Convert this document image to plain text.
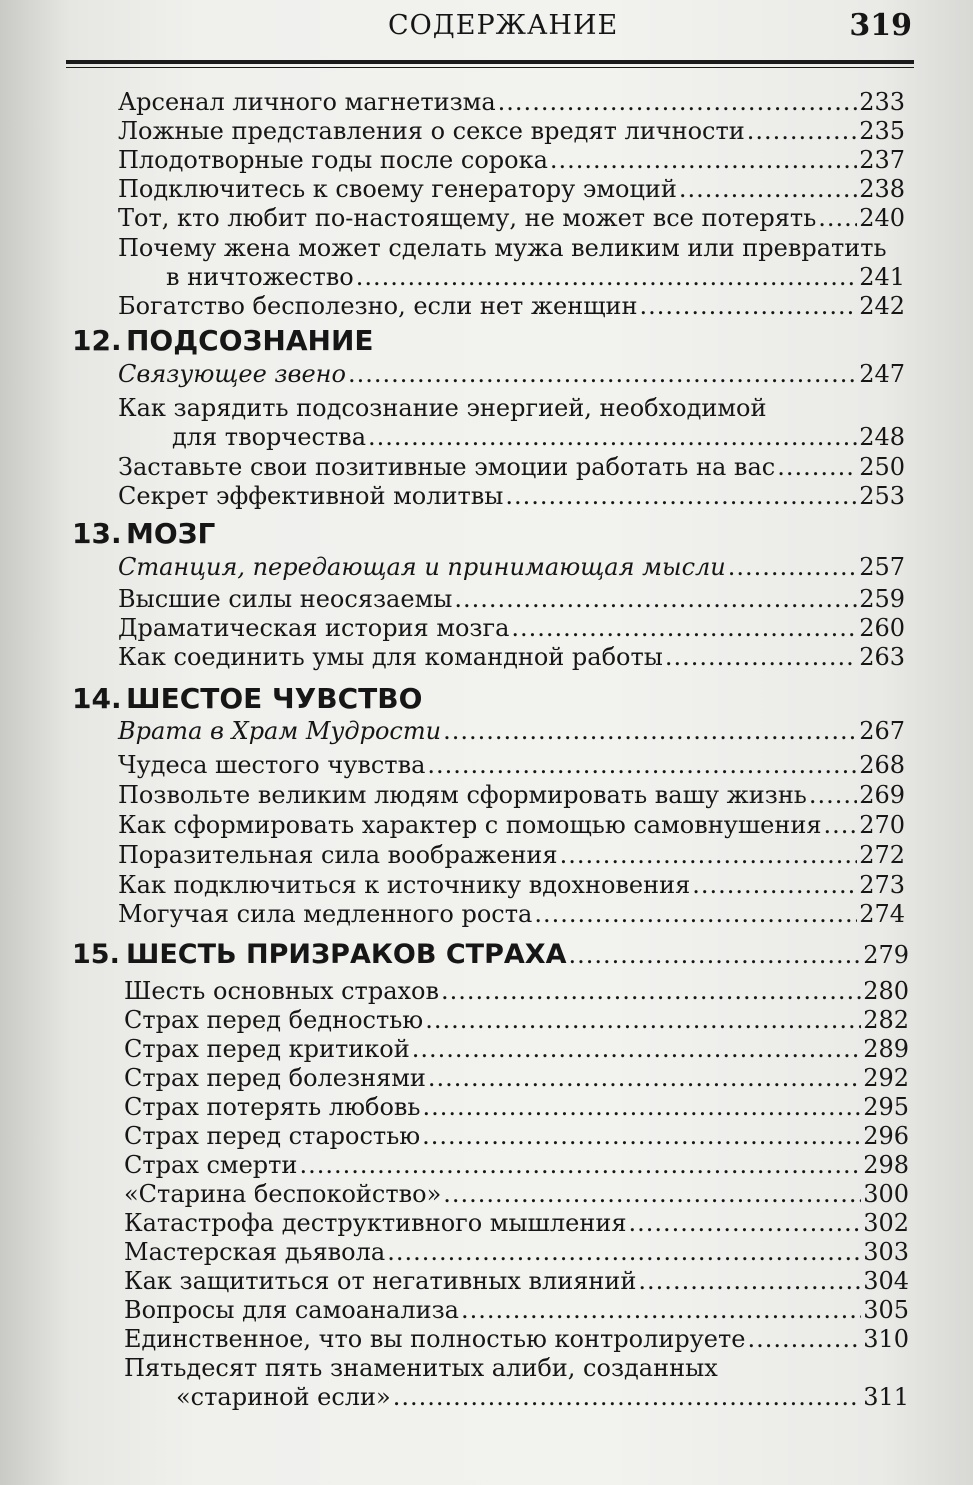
СОДЕРЖАНИЕ	319
Арсенал личного магнетизма .....	233
Ложные представления о сексе вредят личности .....	235
Плодотворные годы после сорока .....	237
Подключитесь к своему генератору эмоций .....	238
Тот, кто любит по-настоящему, не может все потерять ..... 240
Почему жена может сделать мужа великим или превратить
в ничтожество .....	241
Богатство бесполезно, если нет женщин .....	242
12. ПОДСОЗНАНИЕ
Связующее звено .....	247
Как зарядить подсознание энергией, необходимой
для творчества .....	248
Заставьте свои позитивные эмоции работать на вас .....	250
Секрет эффективной молитвы .....	253
13. МОЗГ
Станция, передающая и принимающая мысли .....	257
Высшие силы неосязаемы .....	259
Драматическая история мозга .....	260
Как соединить умы для командной работы .....	263
14. ШЕСТОЕ ЧУВСТВО
Врата в Храм Мудрости .....	267
Чудеса шестого чувства .....	268
Позвольте великим людям сформировать вашу жизнь ..... 269
Как сформировать характер с помощью самовнушения ..... 270
Поразительная сила воображения .....	272
Как подключиться к источнику вдохновения .....	273
Могучая сила медленного роста .....	274
15. ШЕСТЬ ПРИЗРАКОВ СТРАХА .....	279
Шесть основных страхов .....	280
Страх перед бедностью .....	282
Страх перед критикой .....	289
Страх перед болезнями .....	292
Страх потерять любовь .....	295
Страх перед старостью .....	296
Страх смерти .....	298
«Старина беспокойство» .....	300
Катастрофа деструктивного мышления .....	302
Мастерская дьявола .....	303
Как защититься от негативных влияний .....	304
Вопросы для самоанализа .....	305
Единственное, что вы полностью контролируете .....	310
Пятьдесят пять знаменитых алиби, созданных
«стариной если» .....	311
